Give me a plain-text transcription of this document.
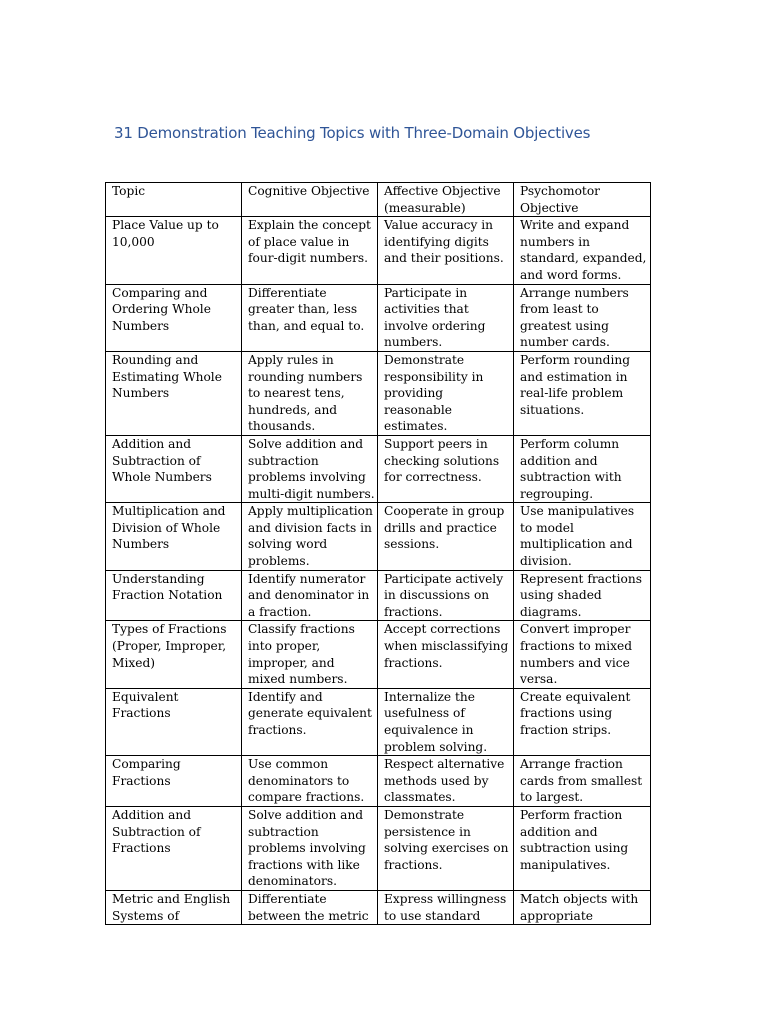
31 Demonstration Teaching Topics with Three-Domain Objectives
Topic	Cognitive Objective	Affective Objective (measurable)	Psychomotor Objective
Place Value up to 10,000	Explain the concept of place value in four-digit numbers.	Value accuracy in identifying digits and their positions.	Write and expand numbers in standard, expanded, and word forms.
Comparing and Ordering Whole Numbers	Differentiate greater than, less than, and equal to.	Participate in activities that involve ordering numbers.	Arrange numbers from least to greatest using number cards.
Rounding and Estimating Whole Numbers	Apply rules in rounding numbers to nearest tens, hundreds, and thousands.	Demonstrate responsibility in providing reasonable estimates.	Perform rounding and estimation in real-life problem situations.
Addition and Subtraction of Whole Numbers	Solve addition and subtraction problems involving multi-digit numbers.	Support peers in checking solutions for correctness.	Perform column addition and subtraction with regrouping.
Multiplication and Division of Whole Numbers	Apply multiplication and division facts in solving word problems.	Cooperate in group drills and practice sessions.	Use manipulatives to model multiplication and division.
Understanding Fraction Notation	Identify numerator and denominator in a fraction.	Participate actively in discussions on fractions.	Represent fractions using shaded diagrams.
Types of Fractions (Proper, Improper, Mixed)	Classify fractions into proper, improper, and mixed numbers.	Accept corrections when misclassifying fractions.	Convert improper fractions to mixed numbers and vice versa.
Equivalent Fractions	Identify and generate equivalent fractions.	Internalize the usefulness of equivalence in problem solving.	Create equivalent fractions using fraction strips.
Comparing Fractions	Use common denominators to compare fractions.	Respect alternative methods used by classmates.	Arrange fraction cards from smallest to largest.
Addition and Subtraction of Fractions	Solve addition and subtraction problems involving fractions with like denominators.	Demonstrate persistence in solving exercises on fractions.	Perform fraction addition and subtraction using manipulatives.
Metric and English Systems of	Differentiate between the metric	Express willingness to use standard	Match objects with appropriate
